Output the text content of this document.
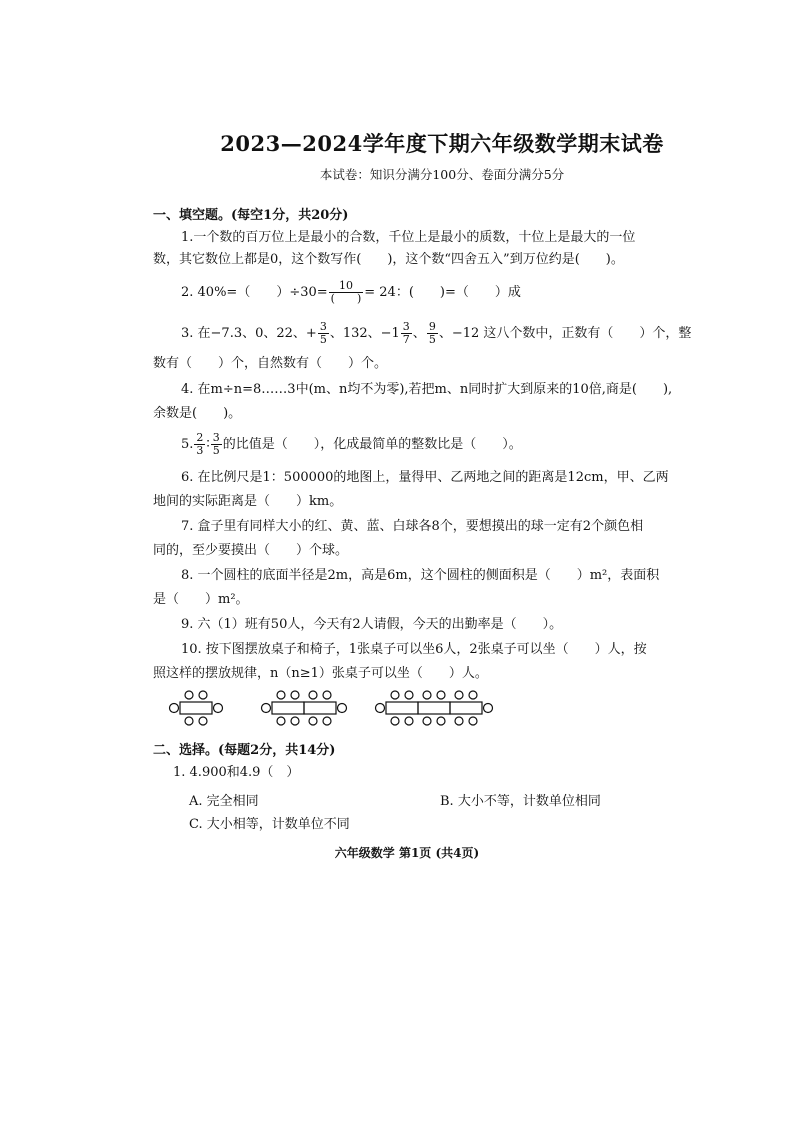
2023—2024学年度下期六年级数学期末试卷
本试卷：知识分满分100分、卷面分满分5分
一、填空题。(每空1分，共20分)
1.一个数的百万位上是最小的合数，千位上是最小的质数，十位上是最大的一位
数，其它数位上都是0，这个数写作(　　)，这个数“四舍五入”到万位约是(　　)。
2. 40%=（　　）$\div 30= \frac{10}{( )} = 24$：(　　)=（　　）成
3. 在−7.3、0、22、+ $\frac{3}{5}$ 、132、$-1 \frac{3}{7}$ 、 $\frac{9}{5}$ 、−12 这八个数中，正数有（　　）个，整
数有（　　）个，自然数有（　　）个。
4. 在m÷n=8……3中(m、n均不为零),若把m、n同时扩大到原来的10倍,商是(　　),
余数是(　　)。
5. $\frac{2}{3}$ ∶ $\frac{3}{5}$ 的比值是（　　），化成最简单的整数比是（　　）。
6. 在比例尺是1：500000的地图上，量得甲、乙两地之间的距离是12cm，甲、乙两
地间的实际距离是（　　）km。
7. 盒子里有同样大小的红、黄、蓝、白球各8个，要想摸出的球一定有2个颜色相
同的，至少要摸出（　　）个球。
8. 一个圆柱的底面半径是2m，高是6m，这个圆柱的侧面积是（　　）m²，表面积
是（　　）m²。
9. 六（1）班有50人，今天有2人请假，今天的出勤率是（　　）。
10. 按下图摆放桌子和椅子，1张桌子可以坐6人，2张桌子可以坐（　　）人，按
照这样的摆放规律，n（n≥1）张桌子可以坐（　　）人。
二、选择。(每题2分，共14分)
1. 4.900和4.9（　）
A. 完全相同	B. 大小不等，计数单位相同
C. 大小相等，计数单位不同
六年级数学 第1页 (共4页)
